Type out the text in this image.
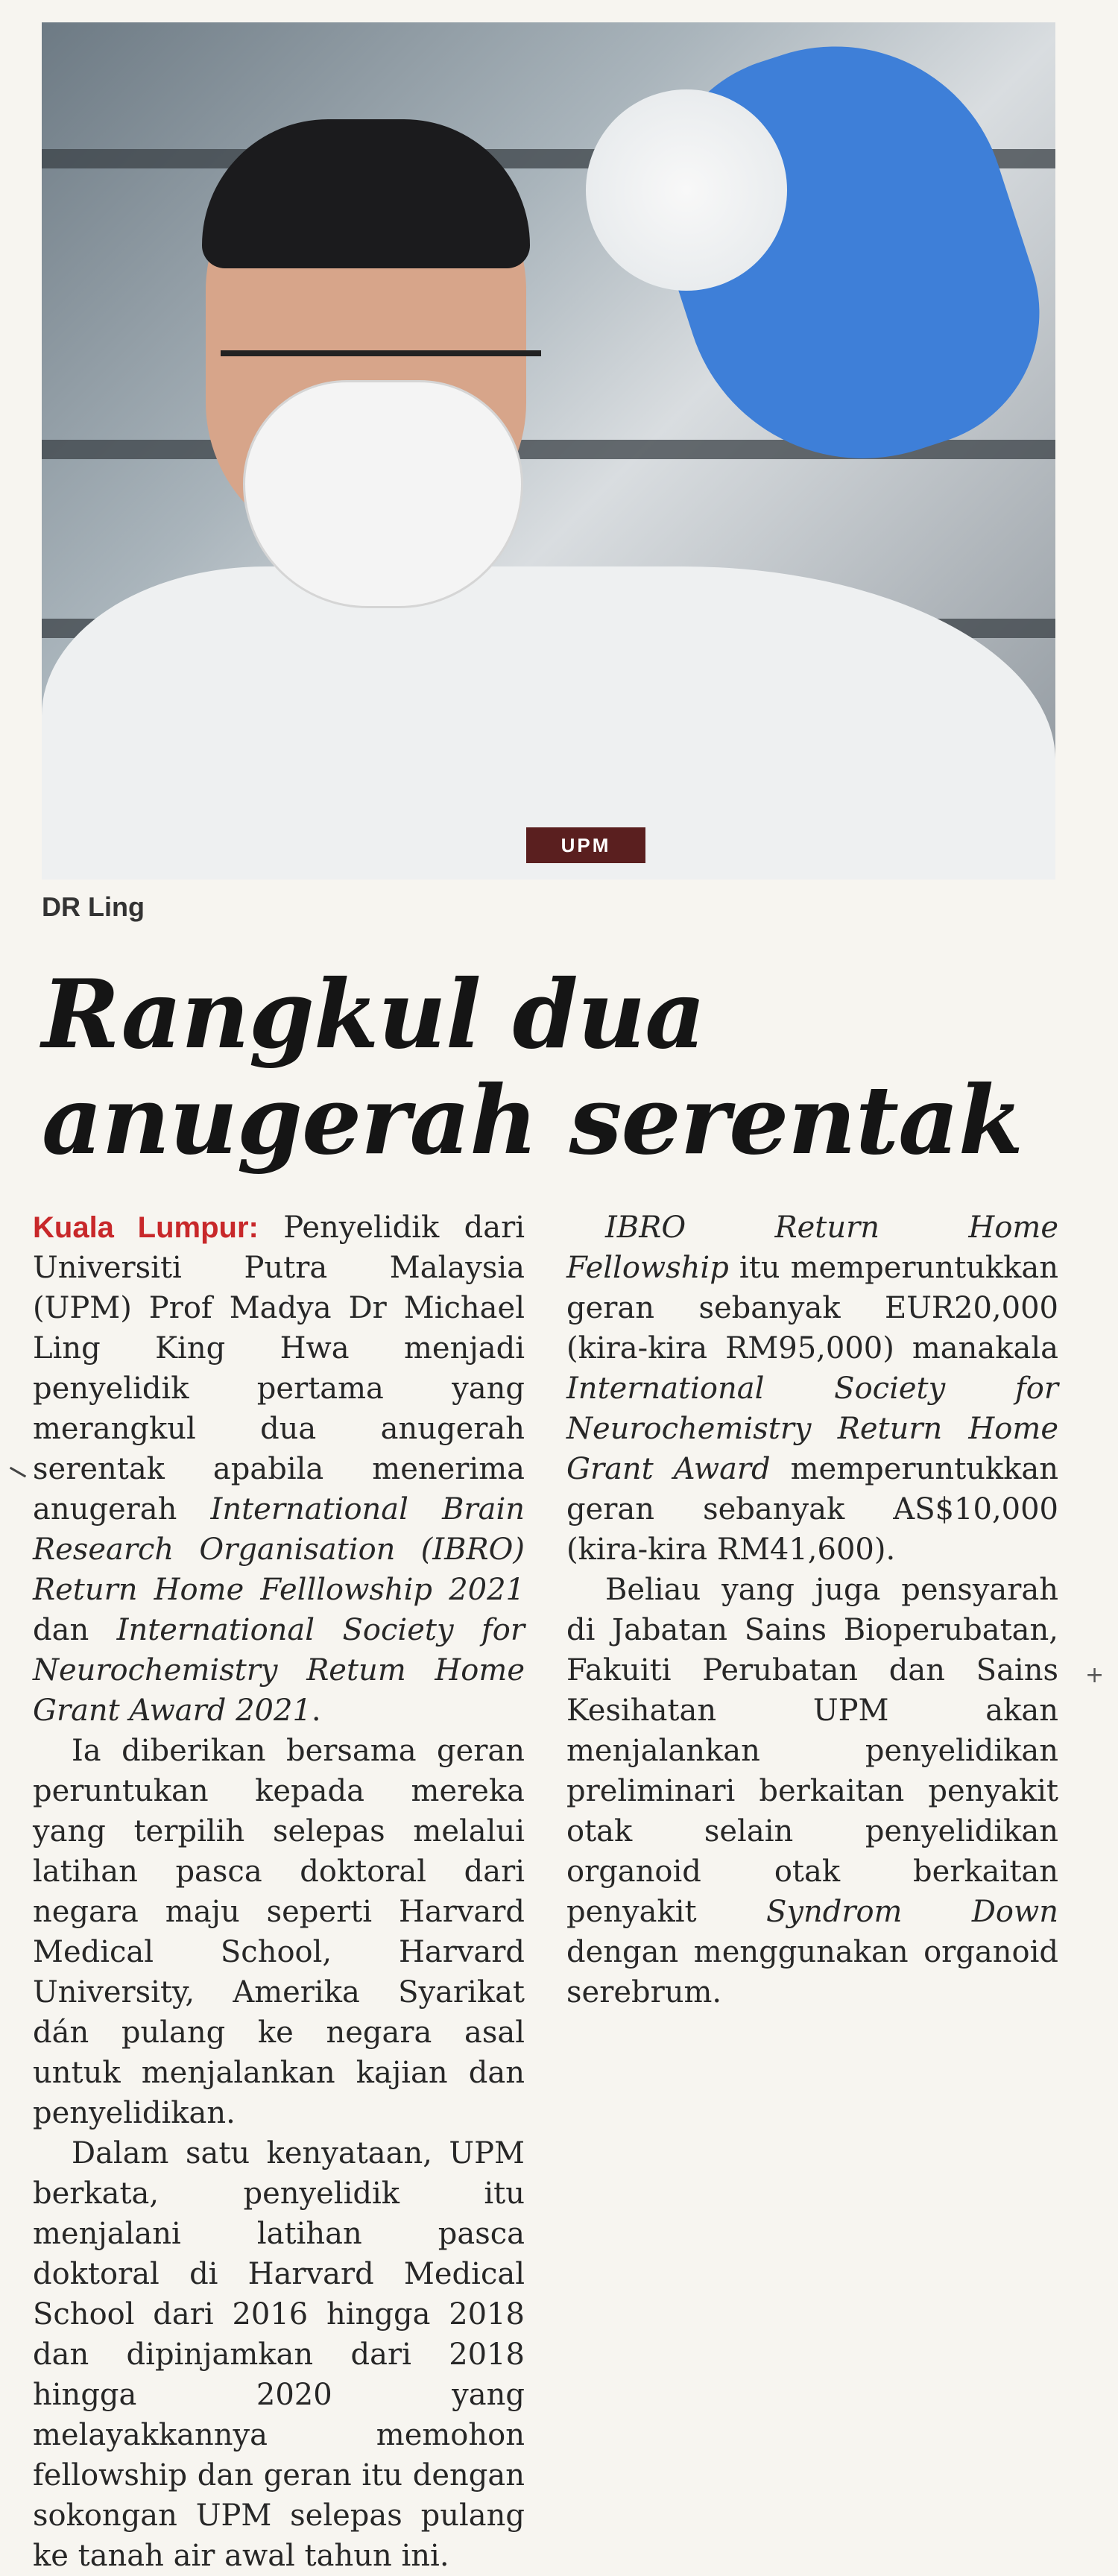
UPM
DR Ling
Rangkul dua
anugerah serentak

Kuala Lumpur: Penyelidik dari Universiti Putra Malaysia (UPM) Prof Madya Dr Michael Ling King Hwa menjadi penyelidik pertama yang merangkul dua anugerah serentak apabila menerima anugerah International Brain Research Organisation (IBRO) Return Home Felllowship 2021 dan International Society for Neurochemistry Retum Home Grant Award 2021.

Ia diberikan bersama geran peruntukan kepada mereka yang terpilih selepas melalui latihan pasca doktoral dari negara maju seperti Harvard Medical School, Harvard University, Amerika Syarikat dán pulang ke negara asal untuk menjalankan kajian dan penyelidikan.

Dalam satu kenyataan, UPM berkata, penyelidik itu menjalani latihan pasca doktoral di Harvard Medical School dari 2016 hingga 2018 dan dipinjamkan dari 2018 hingga 2020 yang melayakkannya memohon fellowship dan geran itu dengan sokongan UPM selepas pulang ke tanah air awal tahun ini.

IBRO Return Home Fellowship itu memperuntukkan geran sebanyak EUR20,000 (kira-kira RM95,000) manakala International Society for Neurochemistry Return Home Grant Award memperuntukkan geran sebanyak AS$10,000 (kira-kira RM41,600).

Beliau yang juga pensyarah di Jabatan Sains Bioperubatan, Fakuiti Perubatan dan Sains Kesihatan UPM akan menjalankan penyelidikan preliminari berkaitan penyakit otak selain penyelidikan organoid otak berkaitan penyakit Syndrom Down dengan menggunakan organoid serebrum.

+
